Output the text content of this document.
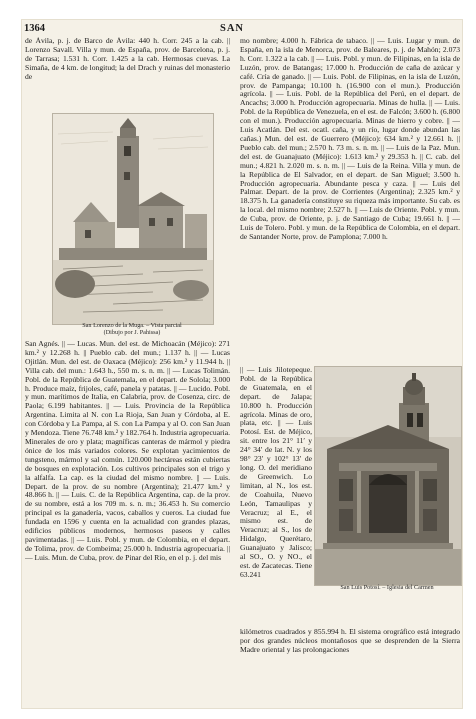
1364	SAN

de Ávila, p. j. de Barco de Ávila: 440 h. Corr. 245 a la cab. || Lorenzo Savall. Villa y mun. de España, prov. de Barcelona, p. j. de Tarrasa; 1.531 h. Corr. 1.425 a la cab. Hermosas cuevas. La Simaña, de 4 km. de longitud; la del Drach y ruinas del monasterio de

San Lorenzo de la Muga. – Vista parcial
(Dibujo por J. Pahissa)

San Agnés. || — Lucas. Mun. del est. de Michoacán (Méjico): 271 km.² y 12.268 h. || Pueblo cab. del mun.; 1.137 h. || — Lucas Ojitlán. Mun. del est. de Oaxaca (Méjico): 256 km.² y 11.944 h. || Villa cab. del mun.: 1.643 h., 550 m. s. n. m. || — Lucas Tolimán. Pobl. de la República de Guatemala, en el depart. de Solola; 3.000 h. Produce maíz, frijoles, café, panela y patatas. || — Lucido. Pobl. y mun. marítimos de Italia, en Calabria, prov. de Cosenza, circ. de Paola; 6.199 habitantes. || — Luis. Provincia de la República Argentina. Limita al N. con La Rioja, San Juan y Córdoba, al E. con Córdoba y La Pampa, al S. con La Pampa y al O. con San Juan y Mendoza. Tiene 76.748 km.² y 182.764 h. Industria agropecuaria. Minerales de oro y plata; magníficas canteras de mármol y piedra ónice de los más variados colores. Se explotan yacimientos de tungsteno, mármol y sal común. 120.000 hectáreas están cubiertas de bosques en explotación. Los cultivos principales son el trigo y la alfalfa. La cap. es la ciudad del mismo nombre. || — Luis. Depart. de la prov. de su nombre (Argentina); 21.477 km.² y 48.866 h. || — Luis. C. de la República Argentina, cap. de la prov. de su nombre, está a los 709 m. s. n. m.; 36.453 h. Su comercio principal es la ganadería, vacos, caballos y cueros. La ciudad fue fundada en 1596 y cuenta en la actualidad con grandes plazas, edificios públicos modernos, hermosos paseos y calles pavimentadas. || — Luis. Pobl. y mun. de Colombia, en el depart. de Tolima, prov. de Combeima; 25.000 h. Industria agropecuaria. || — Luis. Mun. de Cuba, prov. de Pinar del Río, en el p. j. del mis

mo nombre; 4.000 h. Fábrica de tabaco. || — Luis. Lugar y mun. de España, en la isla de Menorca, prov. de Baleares, p. j. de Mahón; 2.073 h. Corr. 1.322 a la cab. || — Luis. Pobl. y mun. de Filipinas, en la isla de Luzón, prov. de Batangas; 17.000 h. Producción de caña de azúcar y café. Cría de ganado. || — Luis. Pobl. de Filipinas, en la isla de Luzón, prov. de Pampanga; 10.100 h. (16.900 con el mun.). Producción agrícola. || — Luis. Pobl. de la República del Perú, en el depart. de Ancachs; 3.000 h. Producción agropecuaria. Minas de hulla. || — Luis. Pobl. de la República de Venezuela, en el est. de Falcón; 3.600 h. (6.800 con el mun.). Producción agropecuaria. Minas de hierro y cobre. || — Luis Acatlán. Del est. ocatl. caña, y un río, lugar donde abundan las cañas.) Mun. del est. de Guerrero (Méjico): 634 km.² y 12.661 h. || Pueblo cab. del mun.; 2.570 h. 73 m. s. n. m. || — Luis de la Paz. Mun. del est. de Guanajuato (Méjico): 1.613 km.² y 29.353 h. || C. cab. del mun.; 4.821 h. 2.020 m. s. n. m. || — Luis de la Reina. Villa y mun. de la República de El Salvador, en el depart. de San Miguel; 3.500 h. Producción agropecuaria. Abundante pesca y caza. || — Luis del Palmar. Depart. de la prov. de Corrientes (Argentina); 2.325 km.² y 18.375 h. La ganadería constituye su riqueza más importante. Su cab. es la local. del mismo nombre; 2.527 h. || — Luis de Oriente. Pobl. y mun. de Cuba, prov. de Oriente, p. j. de Santiago de Cuba; 19.661 h. || — Luis de Tolero. Pobl. y mun. de la República de Colombia, en el depart. de Santander Norte, prov. de Pamplona; 7.000 h.

|| — Luis Jilotepeque. Pobl. de la República de Guatemala, en el depart. de Jalapa; 10.800 h. Producción agrícola. Minas de oro, plata, etc. || — Luis Potosí. Est. de Méjico, sit. entre los 21° 11′ y 24° 34′ de lat. N. y los 98° 23′ y 102° 13′ de long. O. del meridiano de Greenwich. Lo limitan, al N., los est. de Coahuila, Nuevo León, Tamaulipas y Veracruz; al E., el mismo est. de Veracruz; al S., los de Hidalgo, Querétaro, Guanajuato y Jalisco; al SO., O. y NO., el est. de Zacatecas. Tiene 63.241

San Luis Potosí. – Iglesia del Carmen

kilómetros cuadrados y 855.994 h. El sistema orográfico está integrado por dos grandes núcleos montañosos que se desprenden de la Sierra Madre oriental y las prolongaciones
